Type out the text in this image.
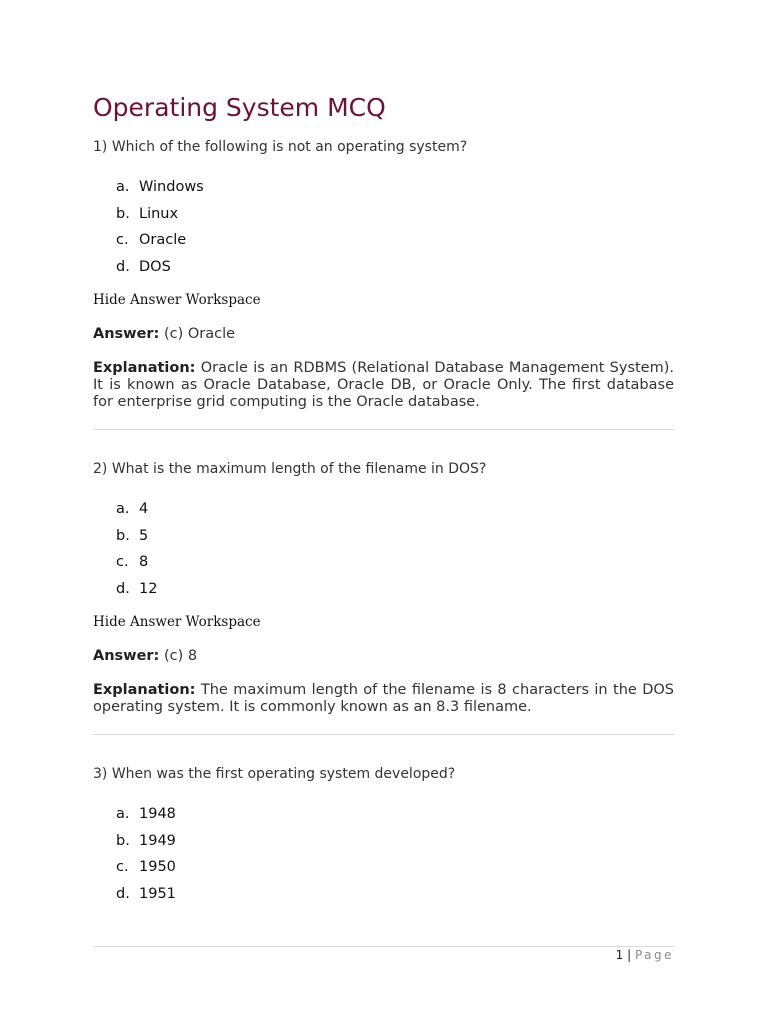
Operating System MCQ
1) Which of the following is not an operating system?
a. Windows
b. Linux
c. Oracle
d. DOS
Hide Answer Workspace
Answer: (c) Oracle

Explanation: Oracle is an RDBMS (Relational Database Management System). It is known as Oracle Database, Oracle DB, or Oracle Only. The first database for enterprise grid computing is the Oracle database.

2) What is the maximum length of the filename in DOS?
a. 4
b. 5
c. 8
d. 12
Hide Answer Workspace
Answer: (c) 8

Explanation: The maximum length of the filename is 8 characters in the DOS operating system. It is commonly known as an 8.3 filename.

3) When was the first operating system developed?
a. 1948
b. 1949
c. 1950
d. 1951
1 | Page
